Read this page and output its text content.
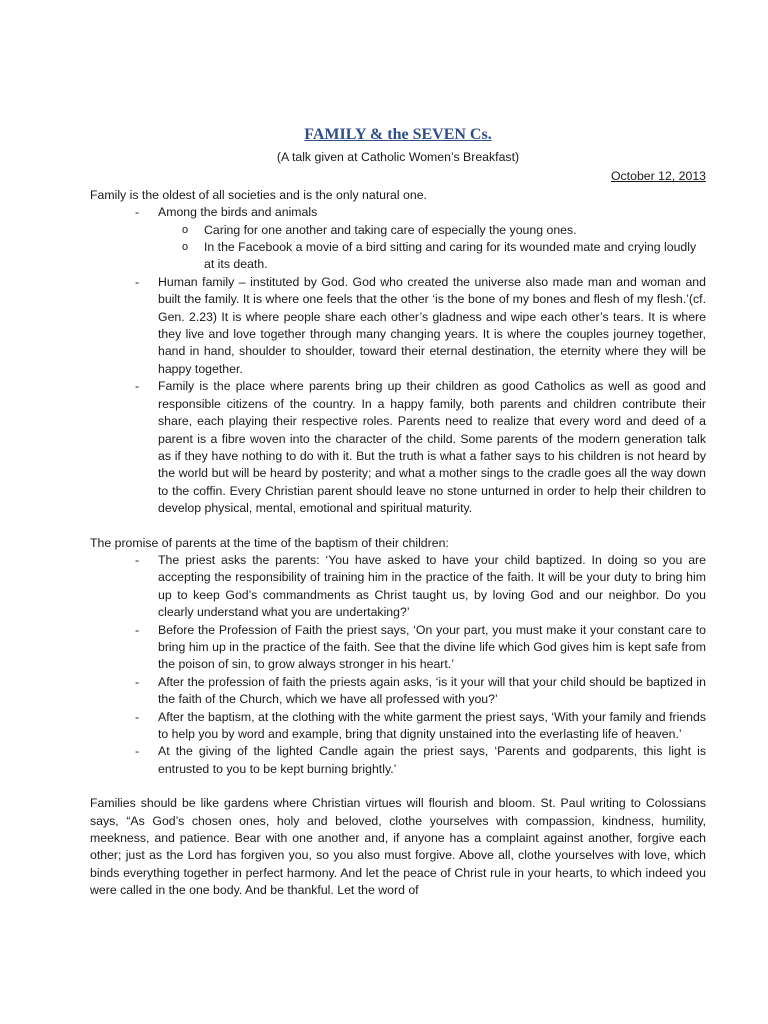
FAMILY & the SEVEN Cs.

(A talk given at Catholic Women’s Breakfast)

October 12, 2013

Family is the oldest of all societies and is the only natural one.

- Among the birds and animals
o Caring for one another and taking care of especially the young ones.
o In the Facebook a movie of a bird sitting and caring for its wounded mate and crying loudly at its death.
- Human family – instituted by God. God who created the universe also made man and woman and built the family. It is where one feels that the other ‘is the bone of my bones and flesh of my flesh.’(cf. Gen. 2.23) It is where people share each other’s gladness and wipe each other’s tears. It is where they live and love together through many changing years. It is where the couples journey together, hand in hand, shoulder to shoulder, toward their eternal destination, the eternity where they will be happy together.
- Family is the place where parents bring up their children as good Catholics as well as good and responsible citizens of the country. In a happy family, both parents and children contribute their share, each playing their respective roles. Parents need to realize that every word and deed of a parent is a fibre woven into the character of the child. Some parents of the modern generation talk as if they have nothing to do with it. But the truth is what a father says to his children is not heard by the world but will be heard by posterity; and what a mother sings to the cradle goes all the way down to the coffin. Every Christian parent should leave no stone unturned in order to help their children to develop physical, mental, emotional and spiritual maturity.

The promise of parents at the time of the baptism of their children:

- The priest asks the parents: ‘You have asked to have your child baptized. In doing so you are accepting the responsibility of training him in the practice of the faith. It will be your duty to bring him up to keep God’s commandments as Christ taught us, by loving God and our neighbor. Do you clearly understand what you are undertaking?’
- Before the Profession of Faith the priest says, ‘On your part, you must make it your constant care to bring him up in the practice of the faith. See that the divine life which God gives him is kept safe from the poison of sin, to grow always stronger in his heart.’
- After the profession of faith the priests again asks, ‘is it your will that your child should be baptized in the faith of the Church, which we have all professed with you?’
- After the baptism, at the clothing with the white garment the priest says, ‘With your family and friends to help you by word and example, bring that dignity unstained into the everlasting life of heaven.’
- At the giving of the lighted Candle again the priest says, ‘Parents and godparents, this light is entrusted to you to be kept burning brightly.’

Families should be like gardens where Christian virtues will flourish and bloom. St. Paul writing to Colossians says, “As God’s chosen ones, holy and beloved, clothe yourselves with compassion, kindness, humility, meekness, and patience. Bear with one another and, if anyone has a complaint against another, forgive each other; just as the Lord has forgiven you, so you also must forgive. Above all, clothe yourselves with love, which binds everything together in perfect harmony. And let the peace of Christ rule in your hearts, to which indeed you were called in the one body. And be thankful. Let the word of
